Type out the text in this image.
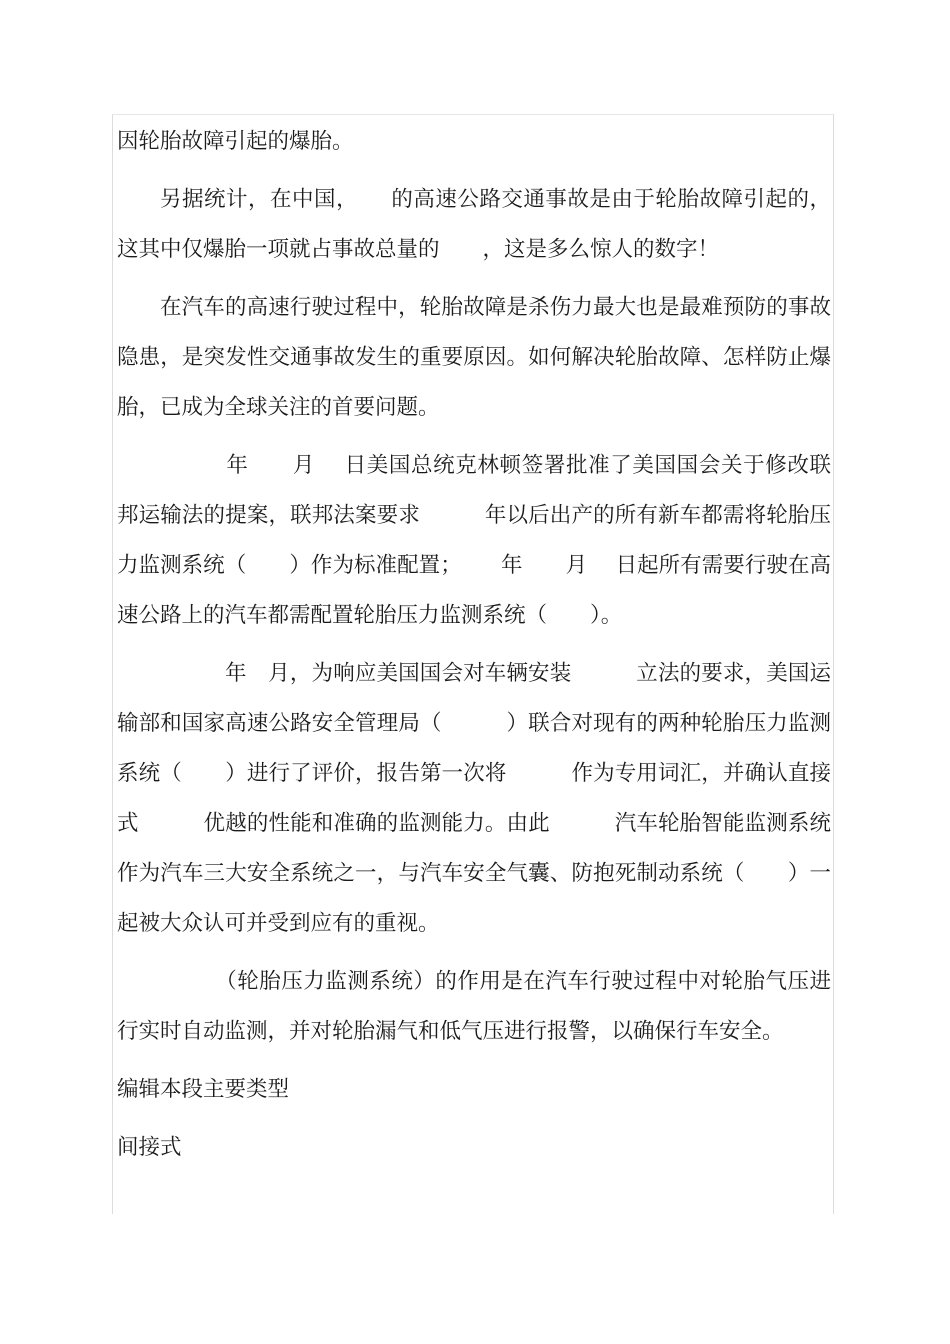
因轮胎故障引起的爆胎。

另据统计，在中国，　　的高速公路交通事故是由于轮胎故障引起的，这其中仅爆胎一项就占事故总量的　　，这是多么惊人的数字！

在汽车的高速行驶过程中，轮胎故障是杀伤力最大也是最难预防的事故隐患，是突发性交通事故发生的重要原因。如何解决轮胎故障、怎样防止爆胎，已成为全球关注的首要问题。

　　　年　　月　 日美国总统克林顿签署批准了美国国会关于修改联邦运输法的提案，联邦法案要求　　　年以后出产的所有新车都需将轮胎压力监测系统（　　）作为标准配置；　　 年　　月　 日起所有需要行驶在高速公路上的汽车都需配置轮胎压力监测系统（　　）。

　　　年　月，为响应美国国会对车辆安装　　　立法的要求，美国运输部和国家高速公路安全管理局（　　　）联合对现有的两种轮胎压力监测系统（　　）进行了评价，报告第一次将　　　作为专用词汇，并确认直接式　　　优越的性能和准确的监测能力。由此　　　汽车轮胎智能监测系统作为汽车三大安全系统之一，与汽车安全气囊、防抱死制动系统（　　）一起被大众认可并受到应有的重视。

　　　（轮胎压力监测系统）的作用是在汽车行驶过程中对轮胎气压进行实时自动监测，并对轮胎漏气和低气压进行报警，以确保行车安全。

编辑本段主要类型
间接式
